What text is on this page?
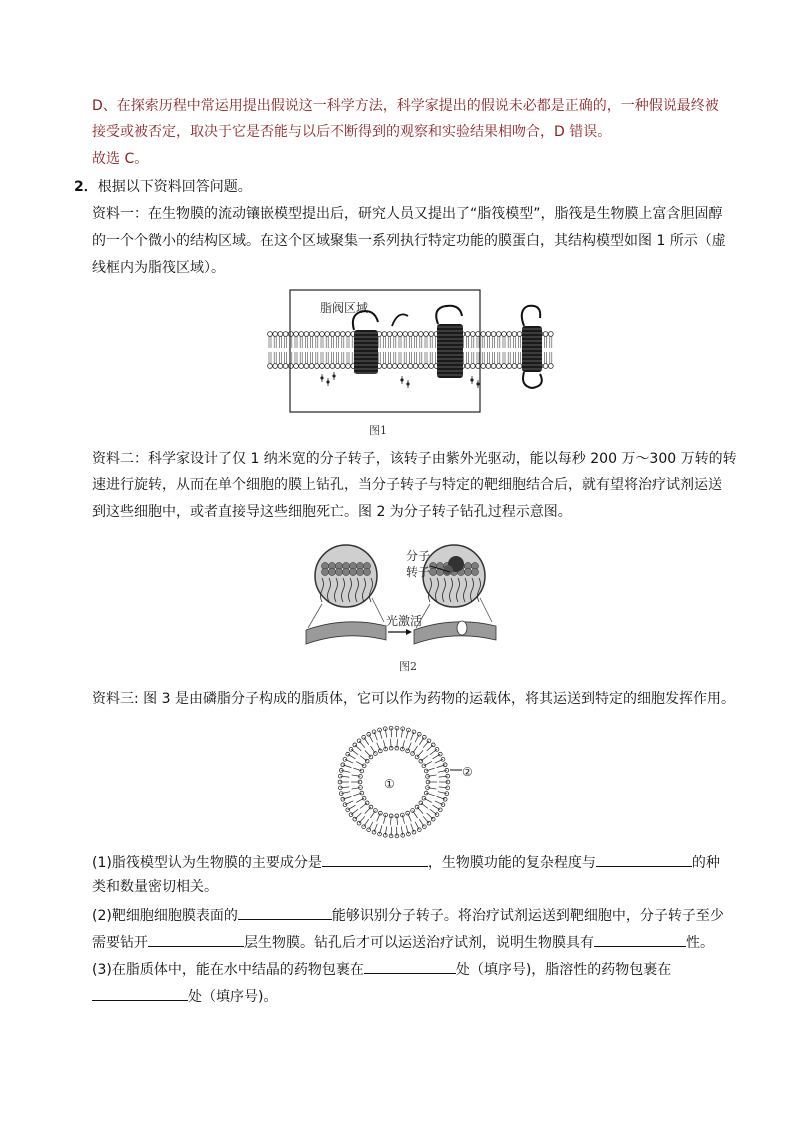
D、在探索历程中常运用提出假说这一科学方法，科学家提出的假说未必都是正确的，一种假说最终被
接受或被否定，取决于它是否能与以后不断得到的观察和实验结果相吻合，D 错误。
故选 C。
2．根据以下资料回答问题。
资料一：在生物膜的流动镶嵌模型提出后，研究人员又提出了“脂筏模型”，脂筏是生物膜上富含胆固醇
的一个个微小的结构区域。在这个区域聚集一系列执行特定功能的膜蛋白，其结构模型如图 1 所示（虚
线框内为脂筏区域）。
脂阀区域
图1
资料二：科学家设计了仅 1 纳米宽的分子转子，该转子由紫外光驱动，能以每秒 200 万～300 万转的转
速进行旋转，从而在单个细胞的膜上钻孔，当分子转子与特定的靶细胞结合后，就有望将治疗试剂运送
到这些细胞中，或者直接导这些细胞死亡。图 2 为分子转子钻孔过程示意图。
光激活
分子
转子
图2
资料三: 图 3 是由磷脂分子构成的脂质体，它可以作为药物的运载体，将其运送到特定的细胞发挥作用。
①
②
(1)脂筏模型认为生物膜的主要成分是	，生物膜功能的复杂程度与	的种
类和数量密切相关。
(2)靶细胞细胞膜表面的	能够识别分子转子。将治疗试剂运送到靶细胞中，分子转子至少
需要钻开	层生物膜。钻孔后才可以运送治疗试剂，说明生物膜具有	性。
(3)在脂质体中，能在水中结晶的药物包裹在	处（填序号)，脂溶性的药物包裹在
处（填序号)。
